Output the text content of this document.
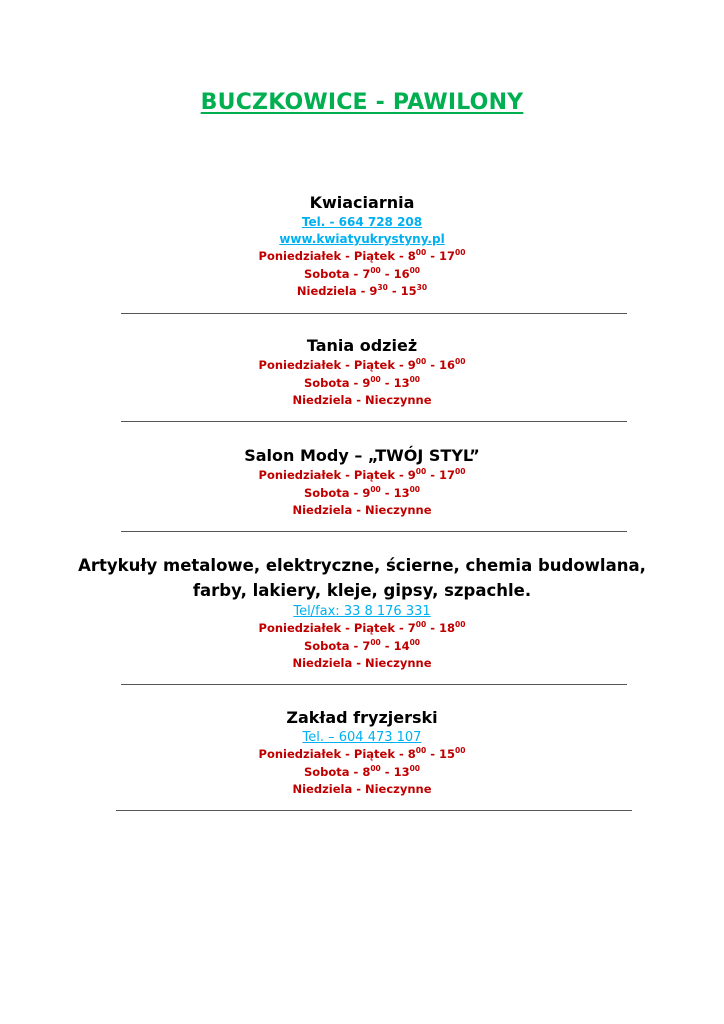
BUCZKOWICE - PAWILONY
Kwiaciarnia
Tel. - 664 728 208
www.kwiatyukrystyny.pl
Poniedziałek - Piątek - $8^{00} - 17^{00}$
Sobota - $7^{00} - 16^{00}$
Niedziela - $9^{30} - 15^{30}$
Tania odzież
Poniedziałek - Piątek - $9^{00} - 16^{00}$
Sobota - $9^{00} - 13^{00}$
Niedziela - Nieczynne
Salon Mody – „TWÓJ STYL”
Poniedziałek - Piątek - $9^{00} - 17^{00}$
Sobota - $9^{00} - 13^{00}$
Niedziela - Nieczynne
Artykuły metalowe, elektryczne, ścierne, chemia budowlana,
farby, lakiery, kleje, gipsy, szpachle.
Tel/fax: 33 8 176 331
Poniedziałek - Piątek - $7^{00} - 18^{00}$
Sobota - $7^{00} - 14^{00}$
Niedziela - Nieczynne
Zakład fryzjerski
Tel. – 604 473 107
Poniedziałek - Piątek - $8^{00} - 15^{00}$
Sobota - $8^{00} - 13^{00}$
Niedziela - Nieczynne
